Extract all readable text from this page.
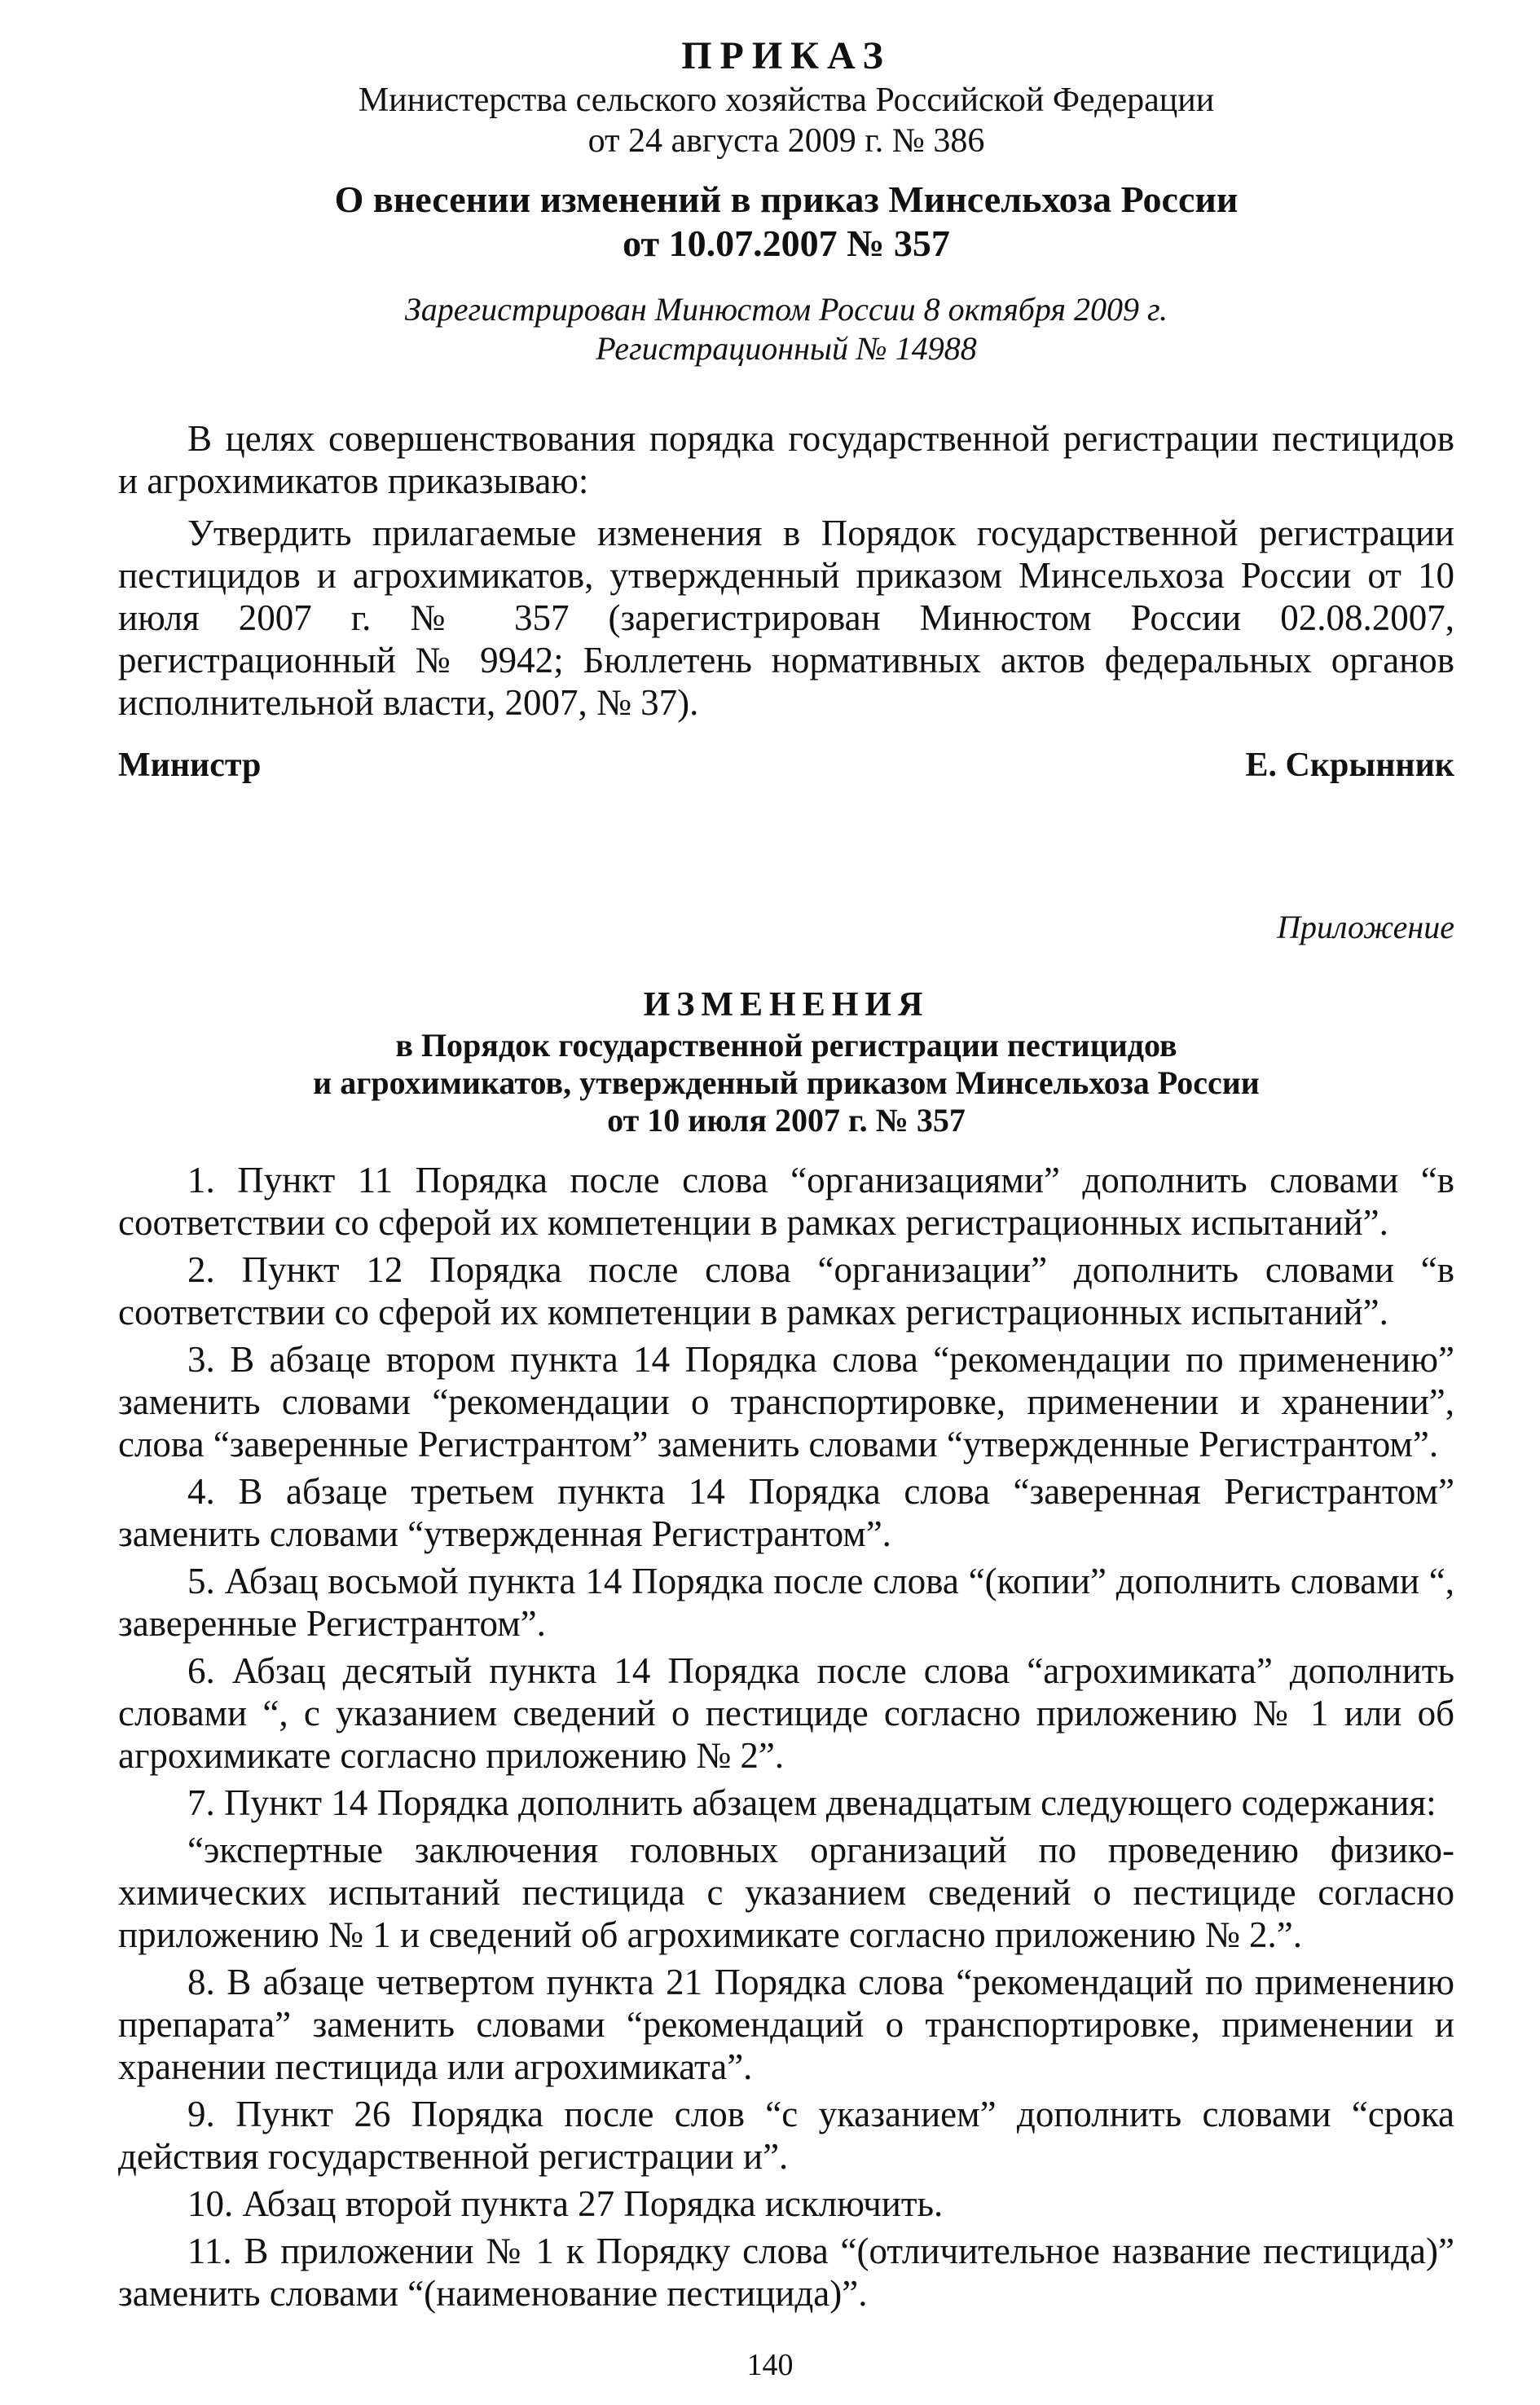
ПРИКАЗ
Министерства сельского хозяйства Российской Федерации
от 24 августа 2009 г. № 386
О внесении изменений в приказ Минсельхоза России
от 10.07.2007 № 357
Зарегистрирован Минюстом России 8 октября 2009 г.
Регистрационный № 14988

В целях совершенствования порядка государственной регистрации пестицидов и агрохимикатов приказываю:

Утвердить прилагаемые изменения в Порядок государственной регистрации пестицидов и агрохимикатов, утвержденный приказом Минсельхоза России от 10 июля 2007 г. № 357 (зарегистрирован Минюстом России 02.08.2007, регистрационный № 9942; Бюллетень нормативных актов федеральных органов исполнительной власти, 2007, № 37).

Министр	Е. Скрынник
Приложение
ИЗМЕНЕНИЯ
в Порядок государственной регистрации пестицидов
и агрохимикатов, утвержденный приказом Минсельхоза России
от 10 июля 2007 г. № 357

1. Пункт 11 Порядка после слова “организациями” дополнить словами “в соответствии со сферой их компетенции в рамках регистрационных испытаний”.

2. Пункт 12 Порядка после слова “организации” дополнить словами “в соответствии со сферой их компетенции в рамках регистрационных испытаний”.

3. В абзаце втором пункта 14 Порядка слова “рекомендации по применению” заменить словами “рекомендации о транспортировке, применении и хранении”, слова “заверенные Регистрантом” заменить словами “утвержденные Регистрантом”.

4. В абзаце третьем пункта 14 Порядка слова “заверенная Регистрантом” заменить словами “утвержденная Регистрантом”.

5. Абзац восьмой пункта 14 Порядка после слова “(копии” дополнить словами “, заверенные Регистрантом”.

6. Абзац десятый пункта 14 Порядка после слова “агрохимиката” дополнить словами “, с указанием сведений о пестициде согласно приложению № 1 или об агрохимикате согласно приложению № 2”.

7. Пункт 14 Порядка дополнить абзацем двенадцатым следующего содержания:

“экспертные заключения головных организаций по проведению физико-химических испытаний пестицида с указанием сведений о пестициде согласно приложению № 1 и сведений об агрохимикате согласно приложению № 2.”.

8. В абзаце четвертом пункта 21 Порядка слова “рекомендаций по применению препарата” заменить словами “рекомендаций о транспортировке, применении и хранении пестицида или агрохимиката”.

9. Пункт 26 Порядка после слов “с указанием” дополнить словами “срока действия государственной регистрации и”.

10. Абзац второй пункта 27 Порядка исключить.

11. В приложении № 1 к Порядку слова “(отличительное название пестицида)” заменить словами “(наименование пестицида)”.

140
